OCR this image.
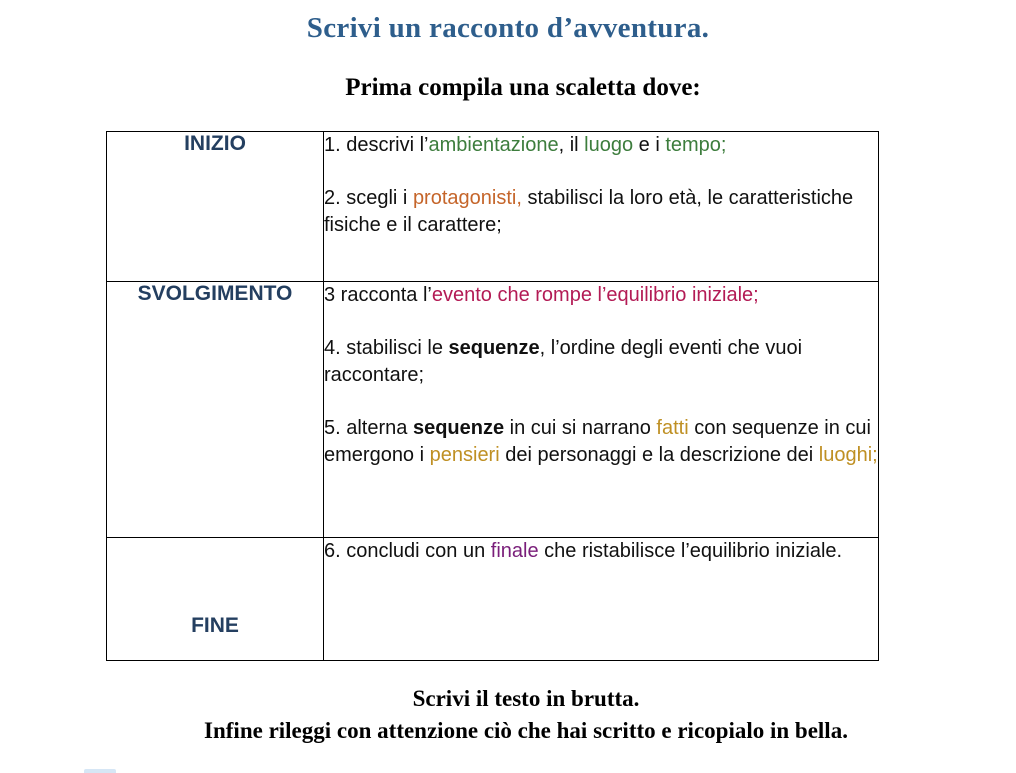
Scrivi un racconto d’avventura.
Prima compila una scaletta dove:
INIZIO	1. descrivi l’ambientazione, il luogo e i tempo;
2. scegli i protagonisti, stabilisci la loro età, le caratteristiche fisiche e il carattere;

SVOLGIMENTO	3 racconta l’evento che rompe l’equilibrio iniziale;
4. stabilisci le sequenze, l’ordine degli eventi che vuoi raccontare;
5. alterna sequenze in cui si narrano fatti con sequenze in cui emergono i pensieri dei personaggi e la descrizione dei luoghi;

FINE	6. concludi con un finale che ristabilisce l’equilibrio iniziale.
Scrivi il testo in brutta.
Infine rileggi con attenzione ciò che hai scritto e ricopialo in bella.
